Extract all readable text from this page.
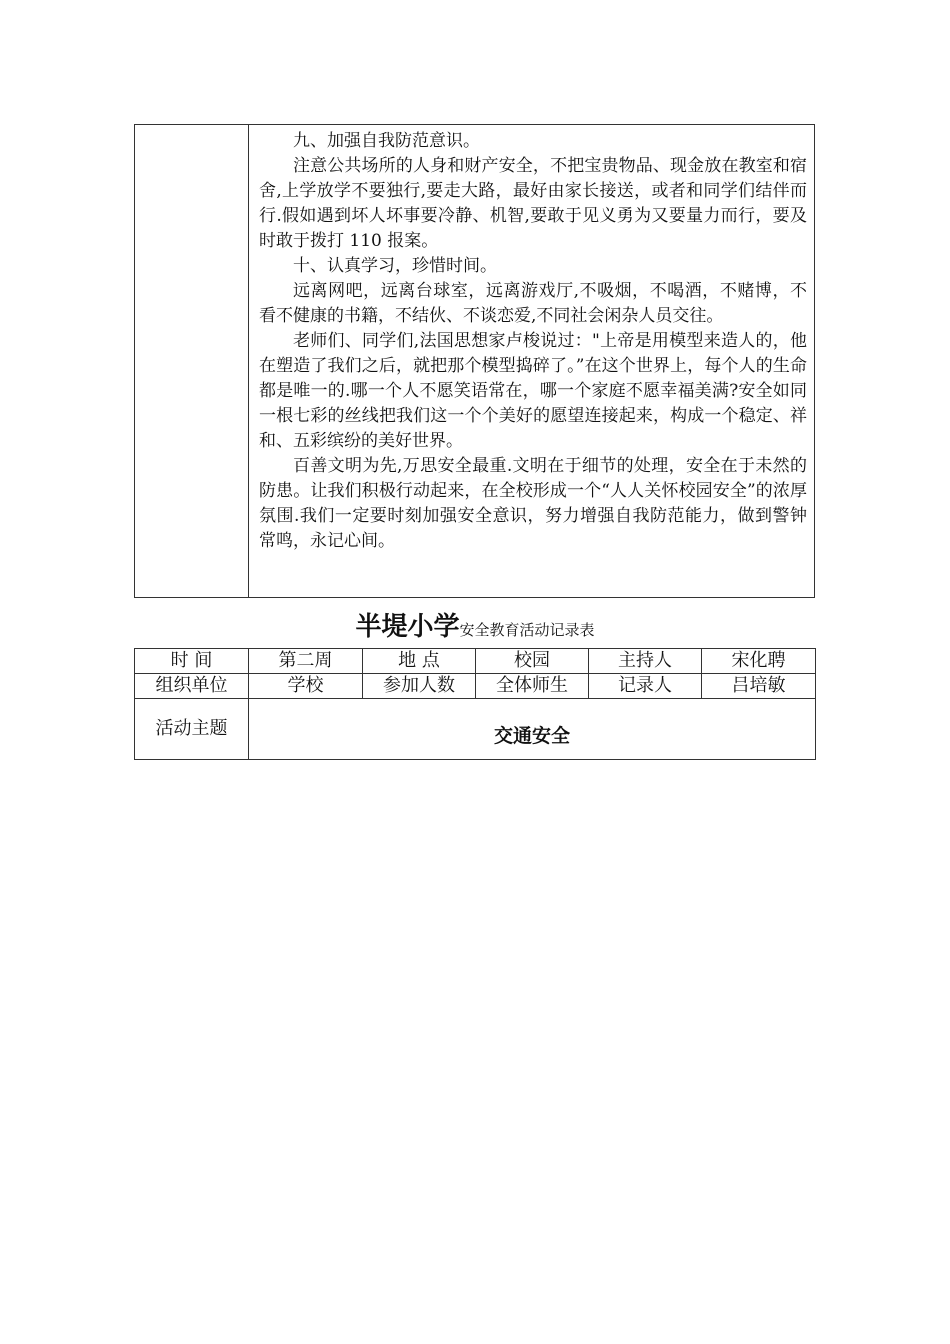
九、加强自我防范意识。

注意公共场所的人身和财产安全，不把宝贵物品、现金放在教室和宿舍,上学放学不要独行,要走大路，最好由家长接送，或者和同学们结伴而行.假如遇到坏人坏事要冷静、机智,要敢于见义勇为又要量力而行，要及时敢于拨打 110 报案。

十、认真学习，珍惜时间。

远离网吧，远离台球室，远离游戏厅,不吸烟，不喝酒，不赌博，不看不健康的书籍，不结伙、不谈恋爱,不同社会闲杂人员交往。

老师们、同学们,法国思想家卢梭说过："上帝是用模型来造人的，他在塑造了我们之后，就把那个模型捣碎了。”在这个世界上，每个人的生命都是唯一的.哪一个人不愿笑语常在，哪一个家庭不愿幸福美满?安全如同一根七彩的丝线把我们这一个个美好的愿望连接起来，构成一个稳定、祥和、五彩缤纷的美好世界。

百善文明为先,万思安全最重.文明在于细节的处理，安全在于未然的防患。让我们积极行动起来，在全校形成一个“人人关怀校园安全”的浓厚氛围.我们一定要时刻加强安全意识，努力增强自我防范能力，做到警钟常鸣，永记心间。

半堤小学安全教育活动记录表
时 间	第二周	地 点	校园	主持人	宋化聘
组织单位	学校	参加人数	全体师生	记录人	吕培敏
活动主题	交通安全				
